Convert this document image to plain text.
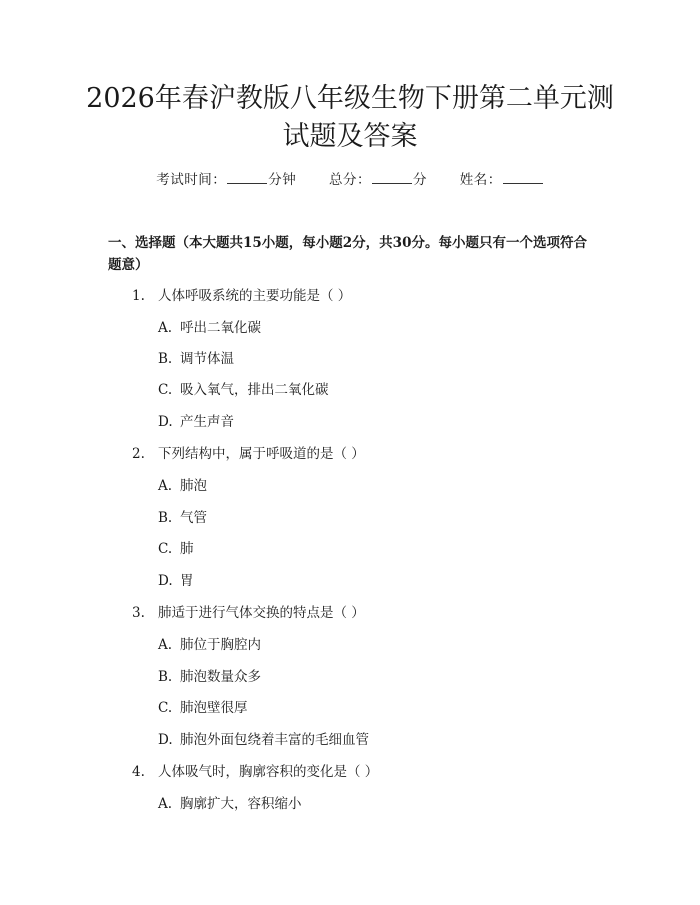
2026年春沪教版八年级生物下册第二单元测
试题及答案
考试时间：	分钟 总分：	分 姓名：
一、选择题（本大题共15小题，每小题2分，共30分。每小题只有一个选项符合题意）
1. 人体呼吸系统的主要功能是（ ）
A. 呼出二氧化碳
B. 调节体温
C. 吸入氧气，排出二氧化碳
D. 产生声音
2. 下列结构中，属于呼吸道的是（ ）
A. 肺泡
B. 气管
C. 肺
D. 胃
3. 肺适于进行气体交换的特点是（ ）
A. 肺位于胸腔内
B. 肺泡数量众多
C. 肺泡壁很厚
D. 肺泡外面包绕着丰富的毛细血管
4. 人体吸气时，胸廓容积的变化是（ ）
A. 胸廓扩大，容积缩小
